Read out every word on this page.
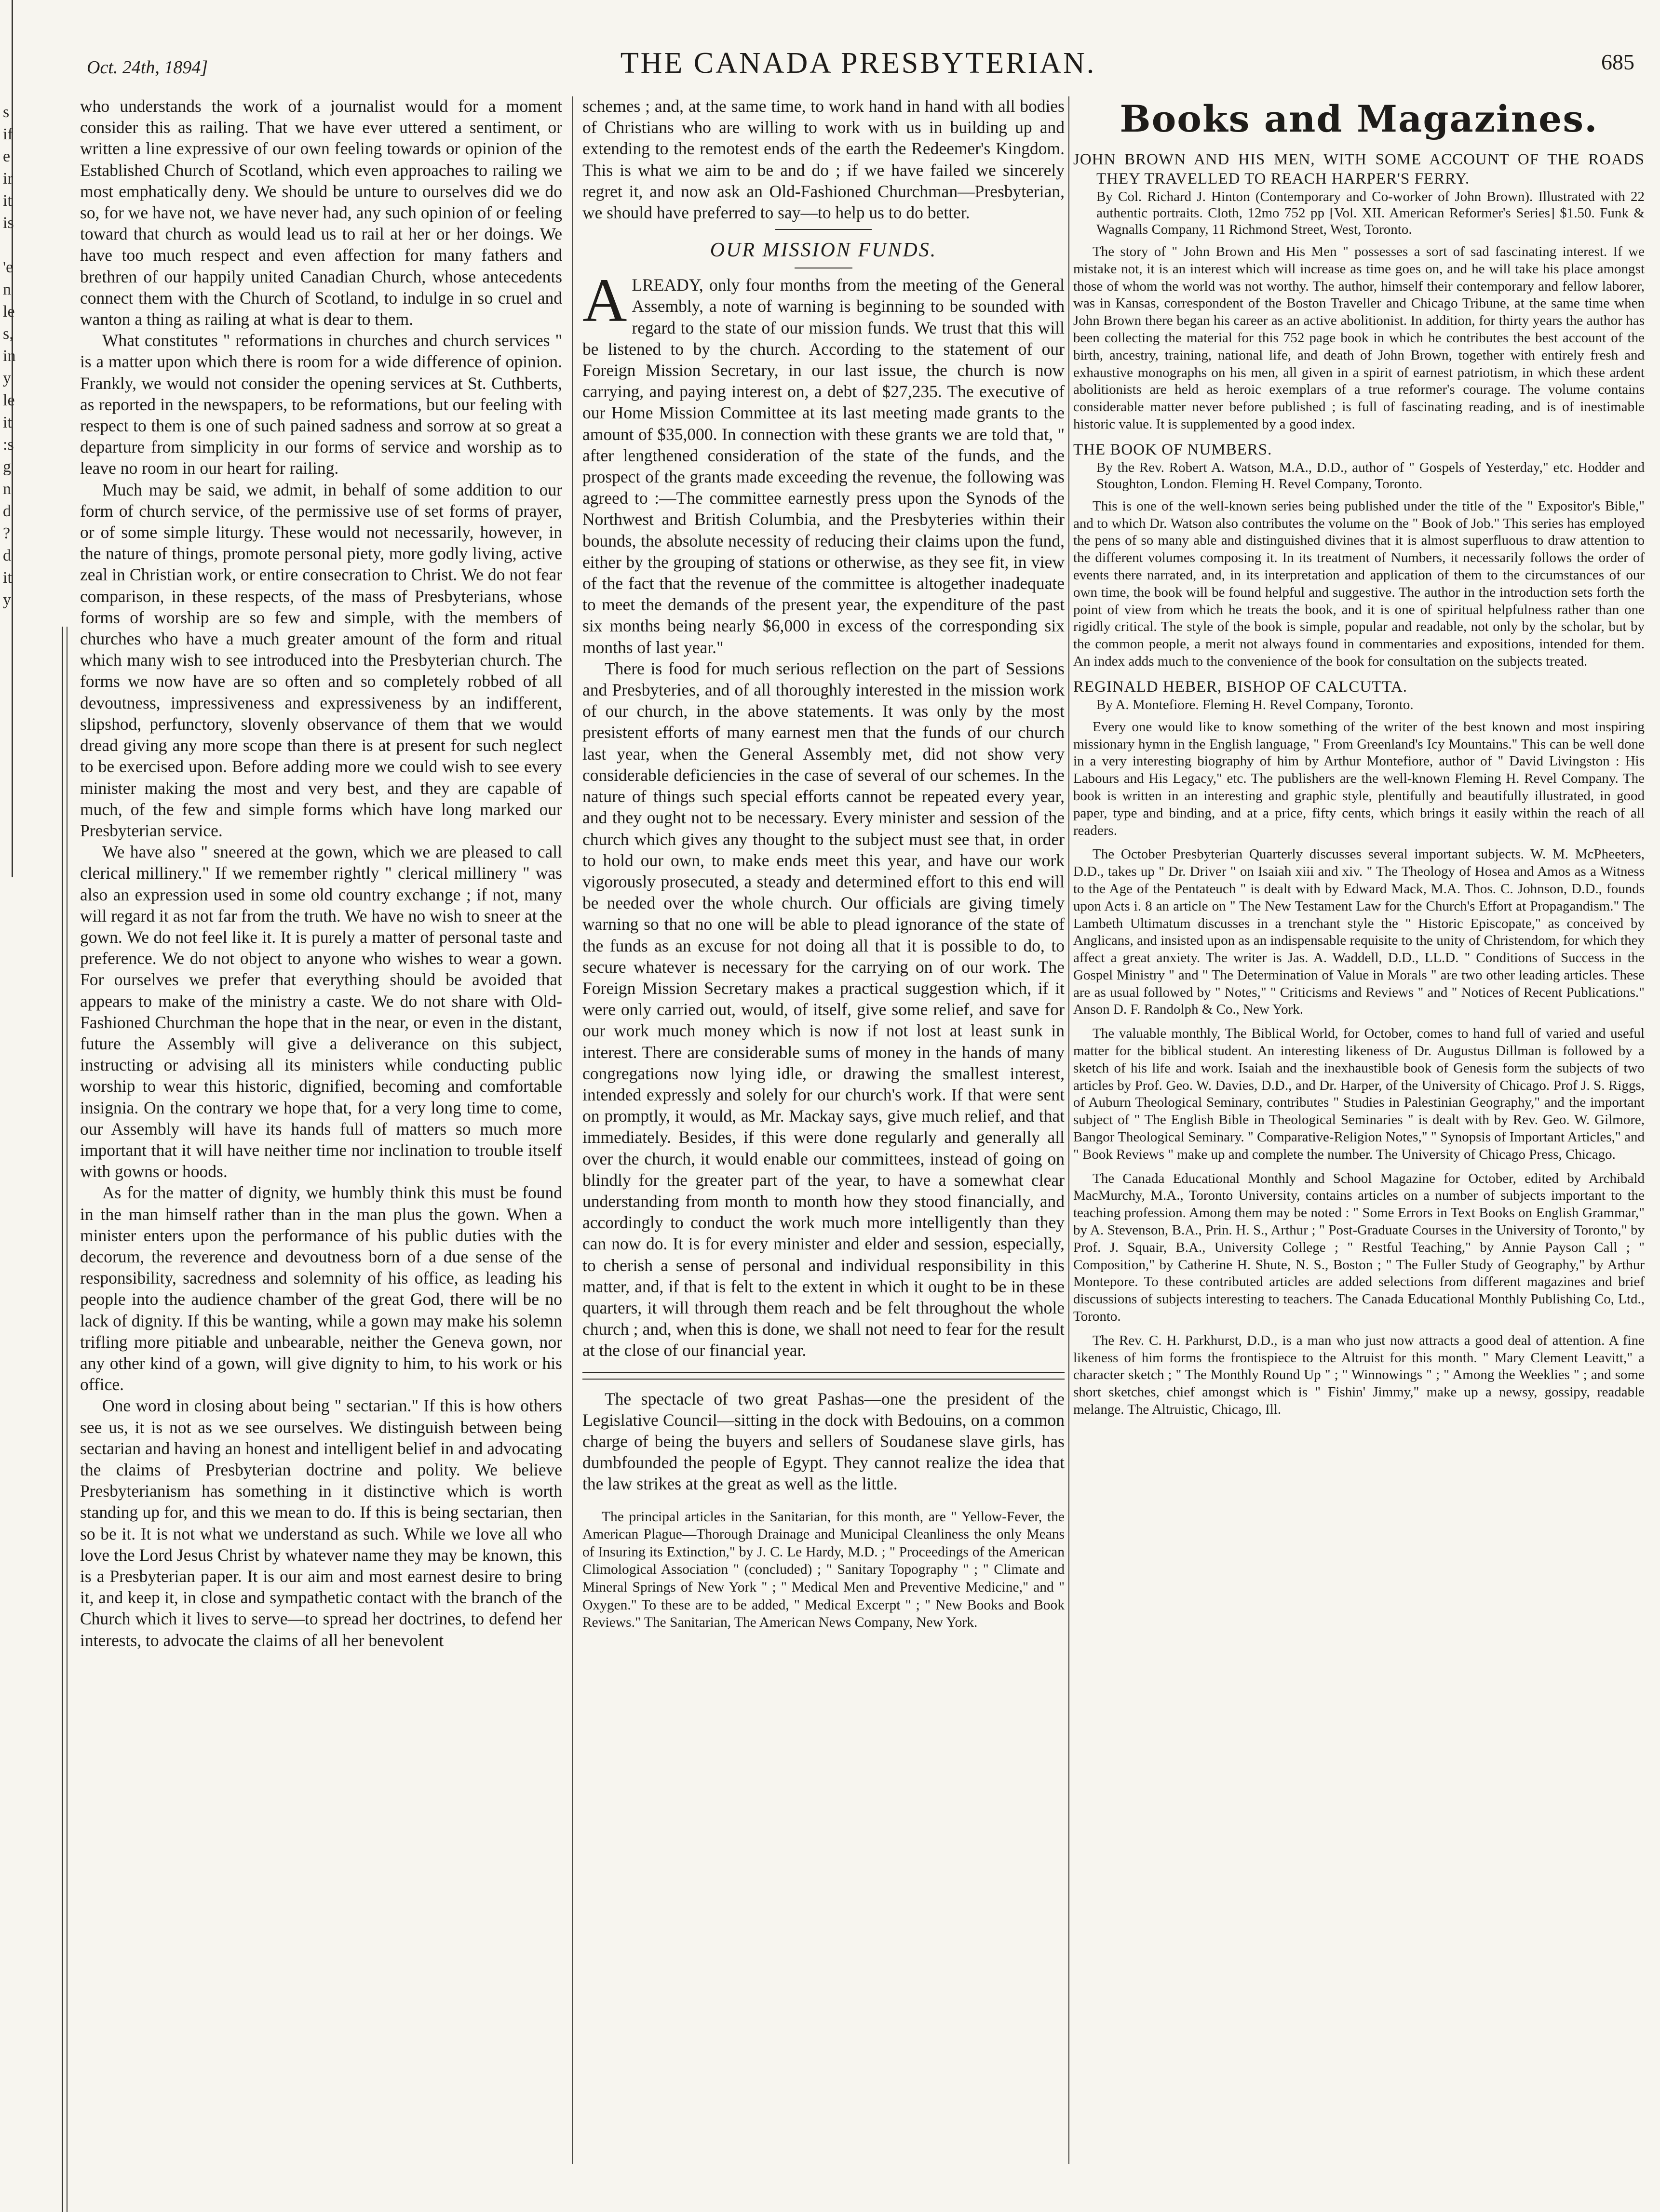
s
if
e
ir
it
is

'e
n
le
s,
in
y
le
it
:s
g
n
d
?
d
it
y
Oct. 24th, 1894]	THE CANADA PRESBYTERIAN.	685

who understands the work of a journalist would for a moment consider this as railing. That we have ever uttered a sentiment, or written a line expressive of our own feeling towards or opinion of the Established Church of Scotland, which even approaches to railing we most emphatically deny. We should be unture to ourselves did we do so, for we have not, we have never had, any such opinion of or feeling toward that church as would lead us to rail at her or her doings. We have too much respect and even affection for many fathers and brethren of our happily united Canadian Church, whose antecedents connect them with the Church of Scotland, to indulge in so cruel and wanton a thing as railing at what is dear to them.

What constitutes " reformations in churches and church services " is a matter upon which there is room for a wide difference of opinion. Frankly, we would not consider the opening services at St. Cuthberts, as reported in the newspapers, to be reformations, but our feeling with respect to them is one of such pained sadness and sorrow at so great a departure from simplicity in our forms of service and worship as to leave no room in our heart for railing.

Much may be said, we admit, in behalf of some addition to our form of church service, of the permissive use of set forms of prayer, or of some simple liturgy. These would not necessarily, however, in the nature of things, promote personal piety, more godly living, active zeal in Christian work, or entire consecration to Christ. We do not fear comparison, in these respects, of the mass of Presbyterians, whose forms of worship are so few and simple, with the members of churches who have a much greater amount of the form and ritual which many wish to see introduced into the Presbyterian church. The forms we now have are so often and so completely robbed of all devoutness, impressiveness and expressiveness by an indifferent, slipshod, perfunctory, slovenly observance of them that we would dread giving any more scope than there is at present for such neglect to be exercised upon. Before adding more we could wish to see every minister making the most and very best, and they are capable of much, of the few and simple forms which have long marked our Presbyterian service.

We have also " sneered at the gown, which we are pleased to call clerical millinery." If we remember rightly " clerical millinery " was also an expression used in some old country exchange ; if not, many will regard it as not far from the truth. We have no wish to sneer at the gown. We do not feel like it. It is purely a matter of personal taste and preference. We do not object to anyone who wishes to wear a gown. For ourselves we prefer that everything should be avoided that appears to make of the ministry a caste. We do not share with Old-Fashioned Churchman the hope that in the near, or even in the distant, future the Assembly will give a deliverance on this subject, instructing or advising all its ministers while conducting public worship to wear this historic, dignified, becoming and comfortable insignia. On the contrary we hope that, for a very long time to come, our Assembly will have its hands full of matters so much more important that it will have neither time nor inclination to trouble itself with gowns or hoods.

As for the matter of dignity, we humbly think this must be found in the man himself rather than in the man plus the gown. When a minister enters upon the performance of his public duties with the decorum, the reverence and devoutness born of a due sense of the responsibility, sacredness and solemnity of his office, as leading his people into the audience chamber of the great God, there will be no lack of dignity. If this be wanting, while a gown may make his solemn trifling more pitiable and unbearable, neither the Geneva gown, nor any other kind of a gown, will give dignity to him, to his work or his office.

One word in closing about being " sectarian." If this is how others see us, it is not as we see ourselves. We distinguish between being sectarian and having an honest and intelligent belief in and advocating the claims of Presbyterian doctrine and polity. We believe Presbyterianism has something in it distinctive which is worth standing up for, and this we mean to do. If this is being sectarian, then so be it. It is not what we understand as such. While we love all who love the Lord Jesus Christ by whatever name they may be known, this is a Presbyterian paper. It is our aim and most earnest desire to bring it, and keep it, in close and sympathetic contact with the branch of the Church which it lives to serve—to spread her doctrines, to defend her interests, to advocate the claims of all her benevolent

schemes ; and, at the same time, to work hand in hand with all bodies of Christians who are willing to work with us in building up and extending to the remotest ends of the earth the Redeemer's Kingdom. This is what we aim to be and do ; if we have failed we sincerely regret it, and now ask an Old-Fashioned Churchman—Presbyterian, we should have preferred to say—to help us to do better.

OUR MISSION FUNDS.

ALREADY, only four months from the meeting of the General Assembly, a note of warning is beginning to be sounded with regard to the state of our mission funds. We trust that this will be listened to by the church. According to the statement of our Foreign Mission Secretary, in our last issue, the church is now carrying, and paying interest on, a debt of $27,235. The executive of our Home Mission Committee at its last meeting made grants to the amount of $35,000. In connection with these grants we are told that, " after lengthened consideration of the state of the funds, and the prospect of the grants made exceeding the revenue, the following was agreed to :—The committee earnestly press upon the Synods of the Northwest and British Columbia, and the Presbyteries within their bounds, the absolute necessity of reducing their claims upon the fund, either by the grouping of stations or otherwise, as they see fit, in view of the fact that the revenue of the committee is altogether inadequate to meet the demands of the present year, the expenditure of the past six months being nearly $6,000 in excess of the corresponding six months of last year."

There is food for much serious reflection on the part of Sessions and Presbyteries, and of all thoroughly interested in the mission work of our church, in the above statements. It was only by the most presistent efforts of many earnest men that the funds of our church last year, when the General Assembly met, did not show very considerable deficiencies in the case of several of our schemes. In the nature of things such special efforts cannot be repeated every year, and they ought not to be necessary. Every minister and session of the church which gives any thought to the subject must see that, in order to hold our own, to make ends meet this year, and have our work vigorously prosecuted, a steady and determined effort to this end will be needed over the whole church. Our officials are giving timely warning so that no one will be able to plead ignorance of the state of the funds as an excuse for not doing all that it is possible to do, to secure whatever is necessary for the carrying on of our work. The Foreign Mission Secretary makes a practical suggestion which, if it were only carried out, would, of itself, give some relief, and save for our work much money which is now if not lost at least sunk in interest. There are considerable sums of money in the hands of many congregations now lying idle, or drawing the smallest interest, intended expressly and solely for our church's work. If that were sent on promptly, it would, as Mr. Mackay says, give much relief, and that immediately. Besides, if this were done regularly and generally all over the church, it would enable our committees, instead of going on blindly for the greater part of the year, to have a somewhat clear understanding from month to month how they stood financially, and accordingly to conduct the work much more intelligently than they can now do. It is for every minister and elder and session, especially, to cherish a sense of personal and individual responsibility in this matter, and, if that is felt to the extent in which it ought to be in these quarters, it will through them reach and be felt throughout the whole church ; and, when this is done, we shall not need to fear for the result at the close of our financial year.

The spectacle of two great Pashas—one the president of the Legislative Council—sitting in the dock with Bedouins, on a common charge of being the buyers and sellers of Soudanese slave girls, has dumbfounded the people of Egypt. They cannot realize the idea that the law strikes at the great as well as the little.

The principal articles in the Sanitarian, for this month, are " Yellow-Fever, the American Plague—Thorough Drainage and Municipal Cleanliness the only Means of Insuring its Extinction," by J. C. Le Hardy, M.D. ; " Proceedings of the American Climological Association " (concluded) ; " Sanitary Topography " ; " Climate and Mineral Springs of New York " ; " Medical Men and Preventive Medicine," and " Oxygen." To these are to be added, " Medical Excerpt " ; " New Books and Book Reviews." The Sanitarian, The American News Company, New York.

Books and Magazines.
JOHN BROWN AND HIS MEN, WITH SOME ACCOUNT OF THE ROADS THEY TRAVELLED TO REACH HARPER'S FERRY.
By Col. Richard J. Hinton (Contemporary and Co-worker of John Brown). Illustrated with 22 authentic portraits. Cloth, 12mo 752 pp [Vol. XII. American Reformer's Series] $1.50. Funk & Wagnalls Company, 11 Richmond Street, West, Toronto.

The story of " John Brown and His Men " possesses a sort of sad fascinating interest. If we mistake not, it is an interest which will increase as time goes on, and he will take his place amongst those of whom the world was not worthy. The author, himself their contemporary and fellow laborer, was in Kansas, correspondent of the Boston Traveller and Chicago Tribune, at the same time when John Brown there began his career as an active abolitionist. In addition, for thirty years the author has been collecting the material for this 752 page book in which he contributes the best account of the birth, ancestry, training, national life, and death of John Brown, together with entirely fresh and exhaustive monographs on his men, all given in a spirit of earnest patriotism, in which these ardent abolitionists are held as heroic exemplars of a true reformer's courage. The volume contains considerable matter never before published ; is full of fascinating reading, and is of inestimable historic value. It is supplemented by a good index.

THE BOOK OF NUMBERS.
By the Rev. Robert A. Watson, M.A., D.D., author of " Gospels of Yesterday," etc. Hodder and Stoughton, London. Fleming H. Revel Company, Toronto.

This is one of the well-known series being published under the title of the " Expositor's Bible," and to which Dr. Watson also contributes the volume on the " Book of Job." This series has employed the pens of so many able and distinguished divines that it is almost superfluous to draw attention to the different volumes composing it. In its treatment of Numbers, it necessarily follows the order of events there narrated, and, in its interpretation and application of them to the circumstances of our own time, the book will be found helpful and suggestive. The author in the introduction sets forth the point of view from which he treats the book, and it is one of spiritual helpfulness rather than one rigidly critical. The style of the book is simple, popular and readable, not only by the scholar, but by the common people, a merit not always found in commentaries and expositions, intended for them. An index adds much to the convenience of the book for consultation on the subjects treated.

REGINALD HEBER, BISHOP OF CALCUTTA.
By A. Montefiore. Fleming H. Revel Company, Toronto.

Every one would like to know something of the writer of the best known and most inspiring missionary hymn in the English language, " From Greenland's Icy Mountains." This can be well done in a very interesting biography of him by Arthur Montefiore, author of " David Livingston : His Labours and His Legacy," etc. The publishers are the well-known Fleming H. Revel Company. The book is written in an interesting and graphic style, plentifully and beautifully illustrated, in good paper, type and binding, and at a price, fifty cents, which brings it easily within the reach of all readers.

The October Presbyterian Quarterly discusses several important subjects. W. M. McPheeters, D.D., takes up " Dr. Driver " on Isaiah xiii and xiv. " The Theology of Hosea and Amos as a Witness to the Age of the Pentateuch " is dealt with by Edward Mack, M.A. Thos. C. Johnson, D.D., founds upon Acts i. 8 an article on " The New Testament Law for the Church's Effort at Propagandism." The Lambeth Ultimatum discusses in a trenchant style the " Historic Episcopate," as conceived by Anglicans, and insisted upon as an indispensable requisite to the unity of Christendom, for which they affect a great anxiety. The writer is Jas. A. Waddell, D.D., LL.D. " Conditions of Success in the Gospel Ministry " and " The Determination of Value in Morals " are two other leading articles. These are as usual followed by " Notes," " Criticisms and Reviews " and " Notices of Recent Publications." Anson D. F. Randolph & Co., New York.

The valuable monthly, The Biblical World, for October, comes to hand full of varied and useful matter for the biblical student. An interesting likeness of Dr. Augustus Dillman is followed by a sketch of his life and work. Isaiah and the inexhaustible book of Genesis form the subjects of two articles by Prof. Geo. W. Davies, D.D., and Dr. Harper, of the University of Chicago. Prof J. S. Riggs, of Auburn Theological Seminary, contributes " Studies in Palestinian Geography," and the important subject of " The English Bible in Theological Seminaries " is dealt with by Rev. Geo. W. Gilmore, Bangor Theological Seminary. " Comparative-Religion Notes," " Synopsis of Important Articles," and " Book Reviews " make up and complete the number. The University of Chicago Press, Chicago.

The Canada Educational Monthly and School Magazine for October, edited by Archibald MacMurchy, M.A., Toronto University, contains articles on a number of subjects important to the teaching profession. Among them may be noted : " Some Errors in Text Books on English Grammar," by A. Stevenson, B.A., Prin. H. S., Arthur ; " Post-Graduate Courses in the University of Toronto," by Prof. J. Squair, B.A., University College ; " Restful Teaching," by Annie Payson Call ; " Composition," by Catherine H. Shute, N. S., Boston ; " The Fuller Study of Geography," by Arthur Montepore. To these contributed articles are added selections from different magazines and brief discussions of subjects interesting to teachers. The Canada Educational Monthly Publishing Co, Ltd., Toronto.

The Rev. C. H. Parkhurst, D.D., is a man who just now attracts a good deal of attention. A fine likeness of him forms the frontispiece to the Altruist for this month. " Mary Clement Leavitt," a character sketch ; " The Monthly Round Up " ; " Winnowings " ; " Among the Weeklies " ; and some short sketches, chief amongst which is " Fishin' Jimmy," make up a newsy, gossipy, readable melange. The Altruistic, Chicago, Ill.
